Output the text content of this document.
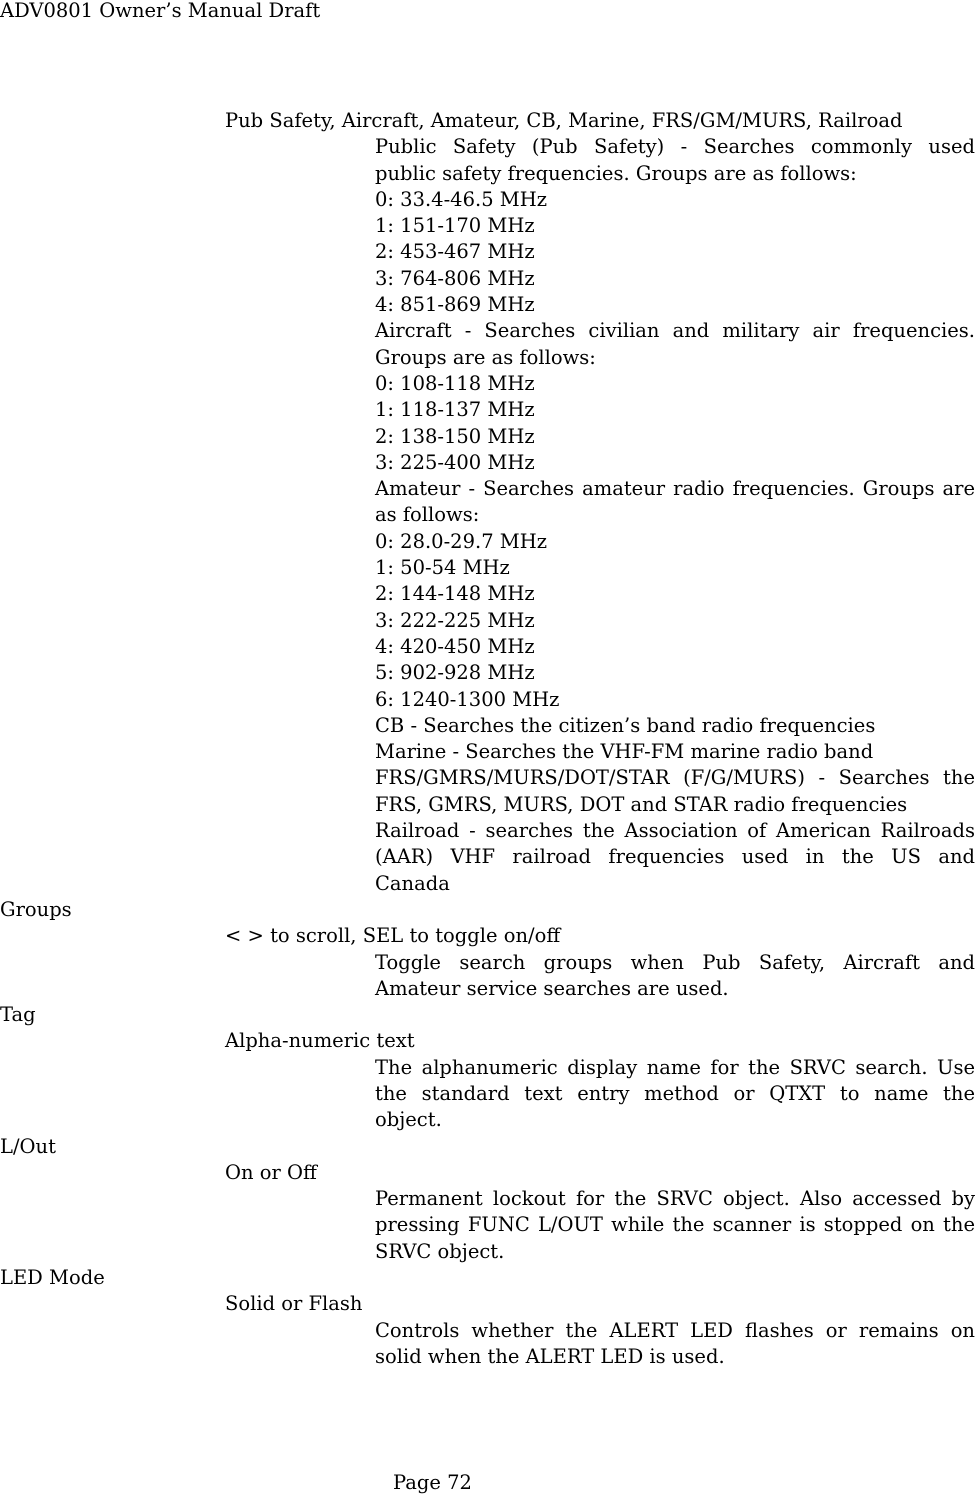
ADV0801 Owner’s Manual Draft
Pub Safety, Aircraft, Amateur, CB, Marine, FRS/GM/MURS, Railroad
Public Safety (Pub Safety) - Searches commonly used
public safety frequencies. Groups are as follows:
0: 33.4-46.5 MHz
1: 151-170 MHz
2: 453-467 MHz
3: 764-806 MHz
4: 851-869 MHz
Aircraft - Searches civilian and military air frequencies.
Groups are as follows:
0: 108-118 MHz
1: 118-137 MHz
2: 138-150 MHz
3: 225-400 MHz
Amateur - Searches amateur radio frequencies. Groups are
as follows:
0: 28.0-29.7 MHz
1: 50-54 MHz
2: 144-148 MHz
3: 222-225 MHz
4: 420-450 MHz
5: 902-928 MHz
6: 1240-1300 MHz
CB - Searches the citizen’s band radio frequencies
Marine - Searches the VHF-FM marine radio band
FRS/GMRS/MURS/DOT/STAR (F/G/MURS) - Searches the
FRS, GMRS, MURS, DOT and STAR radio frequencies
Railroad - searches the Association of American Railroads
(AAR) VHF railroad frequencies used in the US and
Canada
Groups
< > to scroll, SEL to toggle on/off
Toggle search groups when Pub Safety, Aircraft and
Amateur service searches are used.
Tag
Alpha-numeric text
The alphanumeric display name for the SRVC search. Use
the standard text entry method or QTXT to name the
object.
L/Out
On or Off
Permanent lockout for the SRVC object. Also accessed by
pressing FUNC L/OUT while the scanner is stopped on the
SRVC object.
LED Mode
Solid or Flash
Controls whether the ALERT LED flashes or remains on
solid when the ALERT LED is used.
Page 72
